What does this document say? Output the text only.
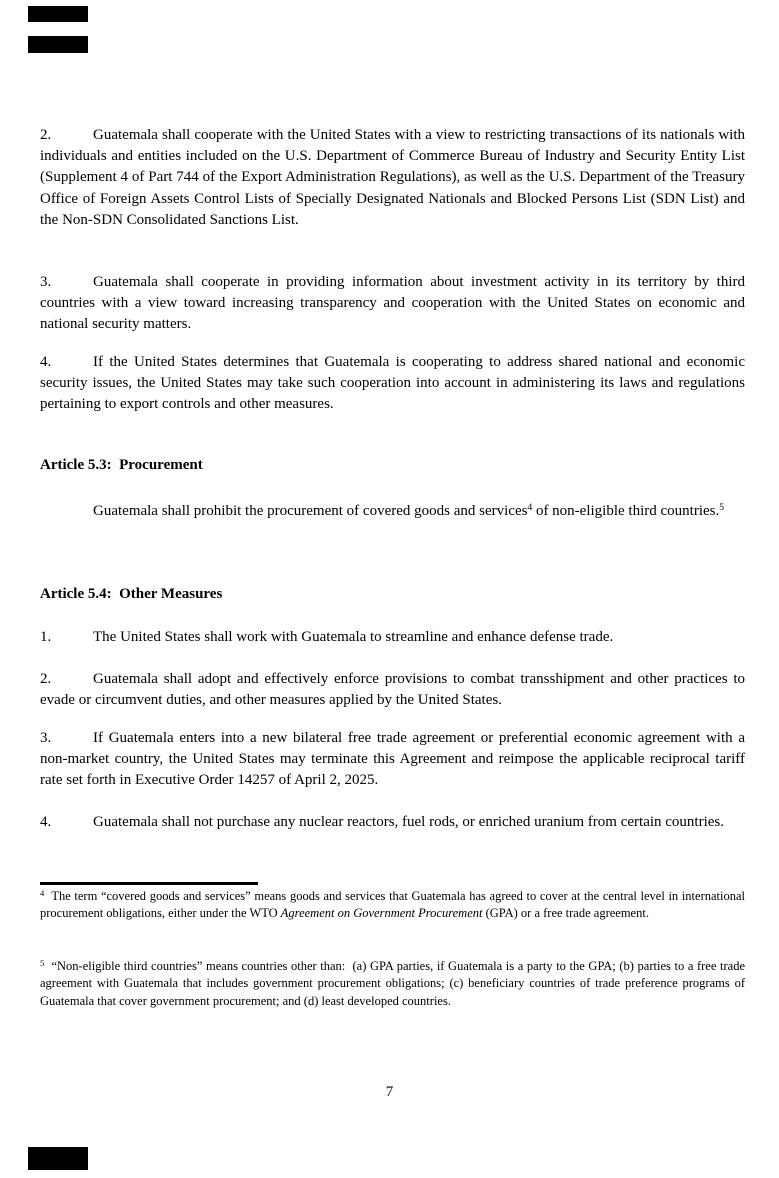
2.	Guatemala shall cooperate with the United States with a view to restricting transactions of its nationals with individuals and entities included on the U.S. Department of Commerce Bureau of Industry and Security Entity List (Supplement 4 of Part 744 of the Export Administration Regulations), as well as the U.S. Department of the Treasury Office of Foreign Assets Control Lists of Specially Designated Nationals and Blocked Persons List (SDN List) and the Non-SDN Consolidated Sanctions List.

3.	Guatemala shall cooperate in providing information about investment activity in its territory by third countries with a view toward increasing transparency and cooperation with the United States on economic and national security matters.

4.	If the United States determines that Guatemala is cooperating to address shared national and economic security issues, the United States may take such cooperation into account in administering its laws and regulations pertaining to export controls and other measures.

Article 5.3:  Procurement

Guatemala shall prohibit the procurement of covered goods and services$^4$ of non-eligible third countries.$^5$

Article 5.4:  Other Measures

1.	The United States shall work with Guatemala to streamline and enhance defense trade.

2.	Guatemala shall adopt and effectively enforce provisions to combat transshipment and other practices to evade or circumvent duties, and other measures applied by the United States.

3.	If Guatemala enters into a new bilateral free trade agreement or preferential economic agreement with a non-market country, the United States may terminate this Agreement and reimpose the applicable reciprocal tariff rate set forth in Executive Order 14257 of April 2, 2025.

4.	Guatemala shall not purchase any nuclear reactors, fuel rods, or enriched uranium from certain countries.

$^4$  The term “covered goods and services” means goods and services that Guatemala has agreed to cover at the central level in international procurement obligations, either under the WTO Agreement on Government Procurement (GPA) or a free trade agreement.

$^5$  “Non-eligible third countries” means countries other than:  (a) GPA parties, if Guatemala is a party to the GPA; (b) parties to a free trade agreement with Guatemala that includes government procurement obligations; (c) beneficiary countries of trade preference programs of Guatemala that cover government procurement; and (d) least developed countries.

7
